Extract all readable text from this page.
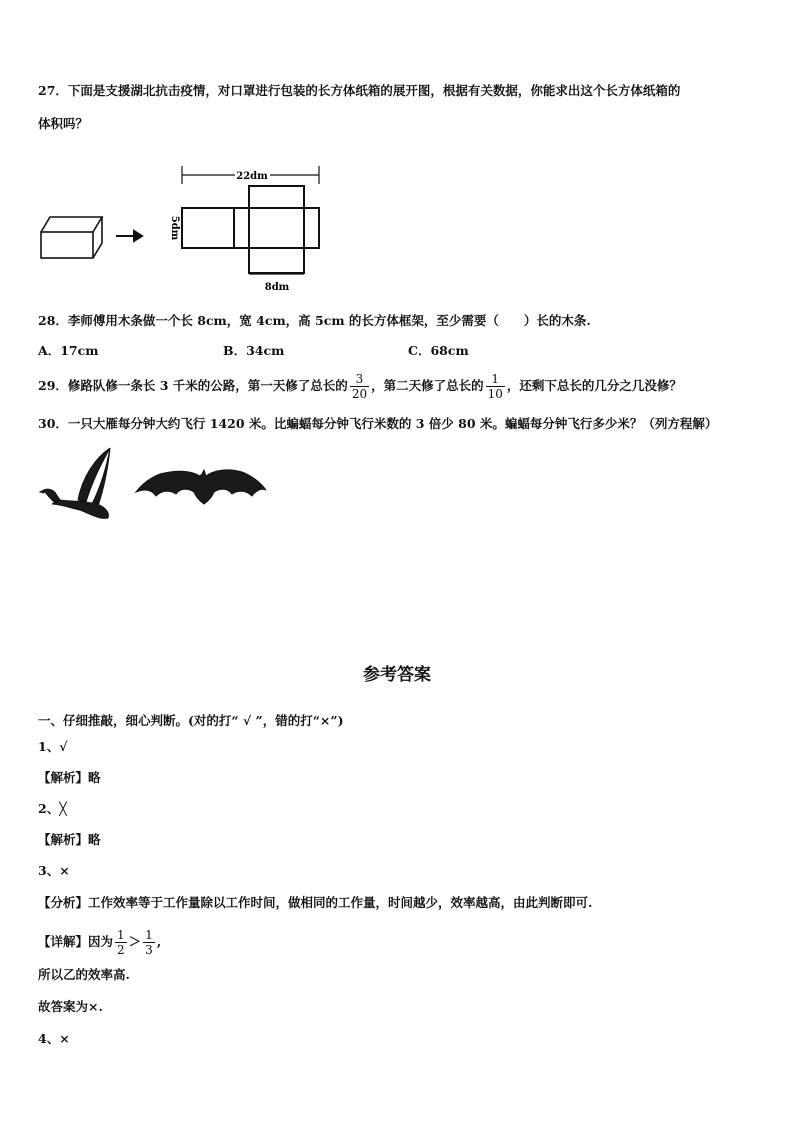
27．下面是支援湖北抗击疫情，对口罩进行包装的长方体纸箱的展开图，根据有关数据，你能求出这个长方体纸箱的
体积吗？
22dm
5dm
8dm
28．李师傅用木条做一个长 8cm，宽 4cm，高 5cm 的长方体框架，至少需要（　　）长的木条.
A．17cm	B．34cm	C．68cm
29．修路队修一条长 3 千米的公路，第一天修了总长的 $\frac{3}{20}$ ，第二天修了总长的 $\frac{1}{10}$ ，还剩下总长的几分之几没修？
30．一只大雁每分钟大约飞行 1420 米。比蝙蝠每分钟飞行米数的 3 倍少 80 米。蝙蝠每分钟飞行多少米？（列方程解）
参考答案
一、仔细推敲，细心判断。(对的打“ √ ”，错的打“×”)
1、√
【解析】略
2、╳
【解析】略
3、×
【分析】工作效率等于工作量除以工作时间，做相同的工作量，时间越少，效率越高，由此判断即可.
【详解】因为 $\frac{1}{2} > \frac{1}{3}$ ,
所以乙的效率高.
故答案为×.
4、×
